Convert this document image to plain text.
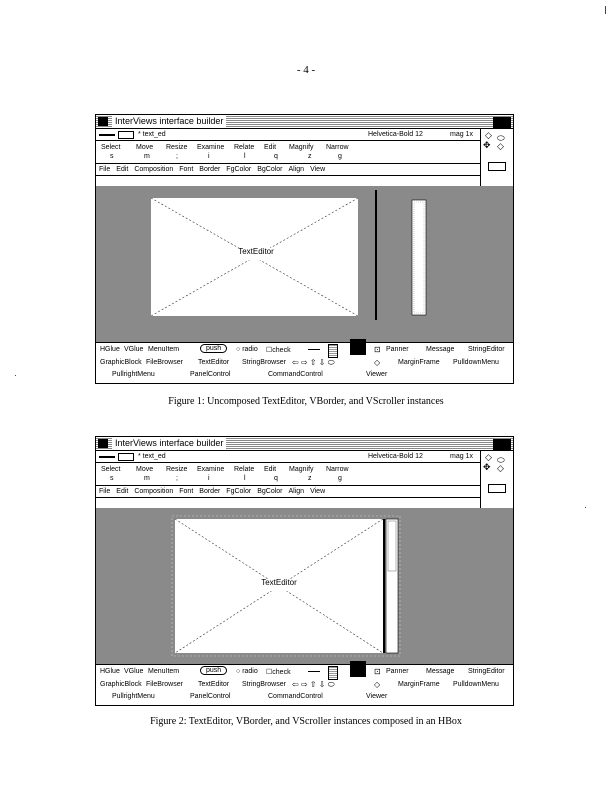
- 4 -
InterViews interface builder
* text_ed	Helvetica-Bold 12	mag 1x ◇ ⬭
✥ ◇
Select Move Resize Examine Relate Edit Magnify Narrow
s	m	;	i	l	q	z	g
File Edit Composition Font Border FgColor BgColor Align View
TextEditor
HGlue VGlue MenuItem	push	○ radio ☐check	⊡ Panner Message StringEditor
GraphicBlock FileBrowser TextEditor StringBrowser ⇦ ⇨ ⇧ ⇩ ⬭	◇	MarginFrame PulldownMenu
PullrightMenu	PanelControl	CommandControl	Viewer
Figure 1: Uncomposed TextEditor, VBorder, and VScroller instances
InterViews interface builder
* text_ed	Helvetica-Bold 12	mag 1x ◇ ⬭
✥ ◇
Select Move Resize Examine Relate Edit Magnify Narrow
s	m	;	i	l	q	z	g
File Edit Composition Font Border FgColor BgColor Align View
TextEditor
HGlue VGlue MenuItem	push	○ radio ☐check	⊡ Panner Message StringEditor
GraphicBlock FileBrowser TextEditor StringBrowser ⇦ ⇨ ⇧ ⇩ ⬭	◇	MarginFrame PulldownMenu
PullrightMenu	PanelControl	CommandControl	Viewer
Figure 2: TextEditor, VBorder, and VScroller instances composed in an HBox
